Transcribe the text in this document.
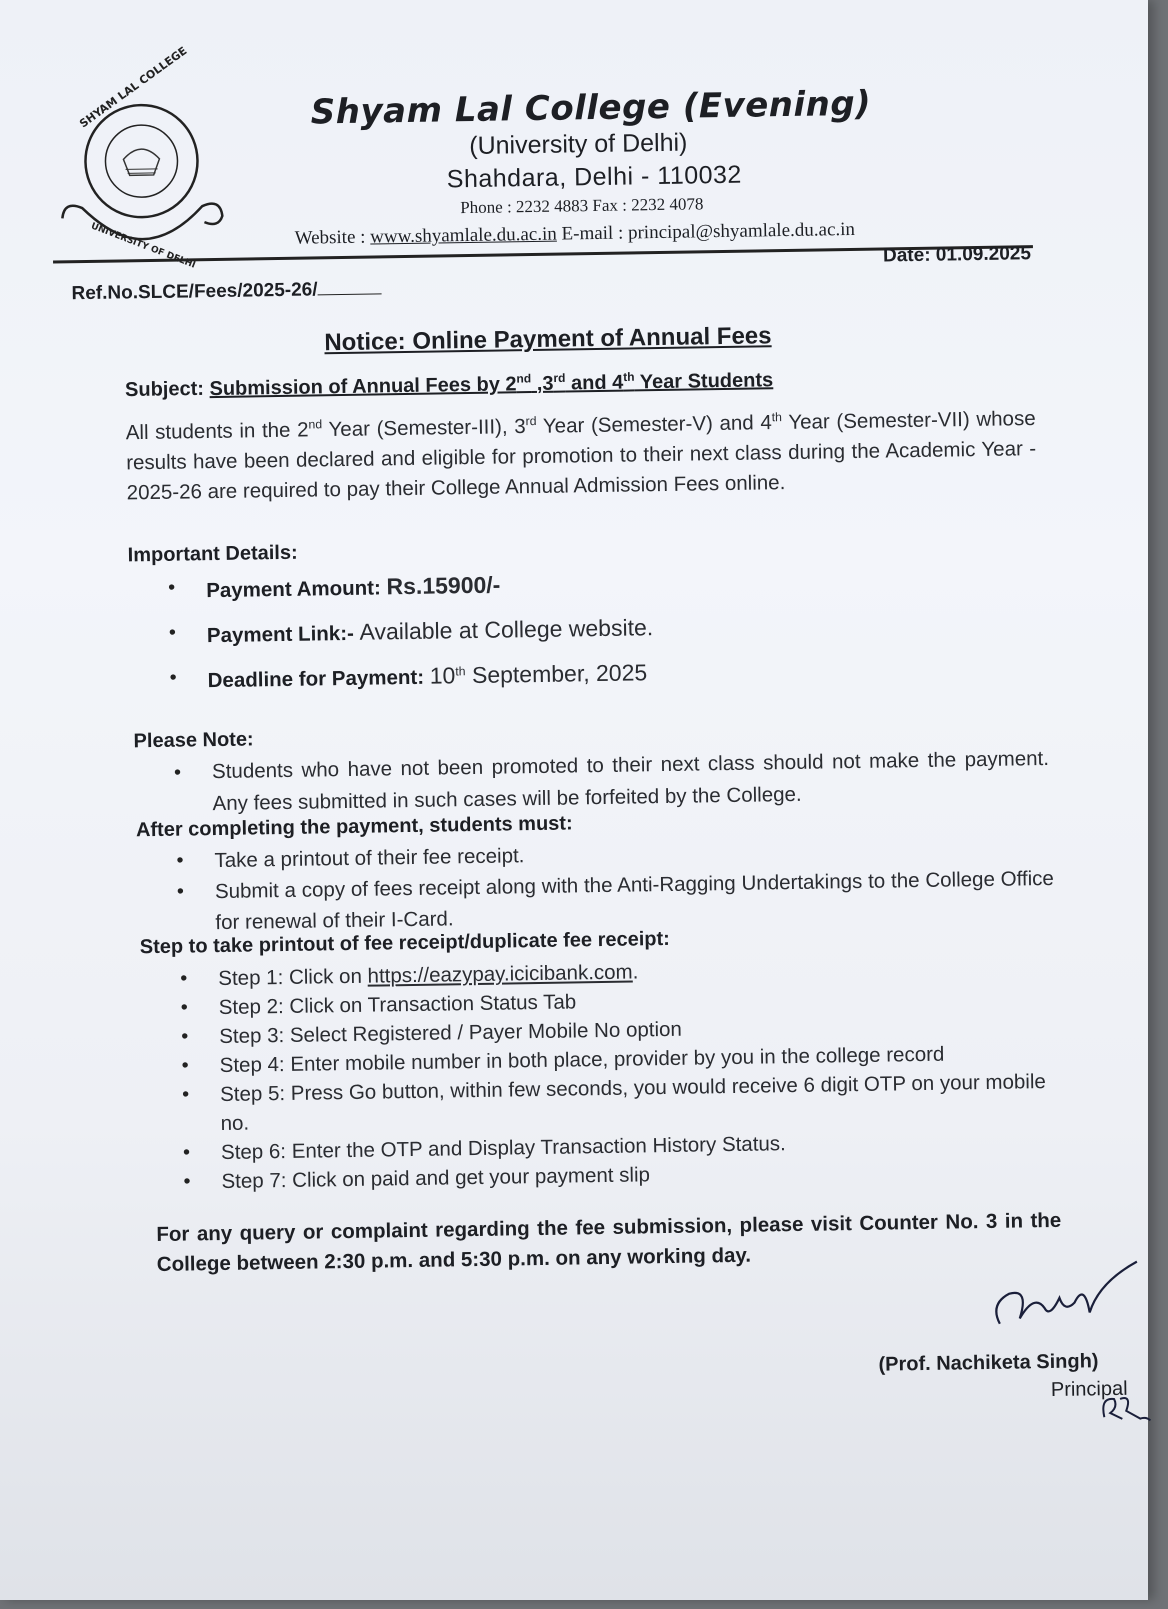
SHYAM LAL COLLEGE
UNIVERSITY OF DELHI
Shyam Lal College (Evening)
(University of Delhi)
Shahdara, Delhi - 110032
Phone : 2232 4883 Fax : 2232 4078
Website : www.shyamlale.du.ac.in E-mail : principal@shyamlale.du.ac.in
Date: 01.09.2025
Ref.No.SLCE/Fees/2025-26/
Notice: Online Payment of Annual Fees
Subject: Submission of Annual Fees by 2nd ,3rd and 4th Year Students
All students in the 2nd Year (Semester-III), 3rd Year (Semester-V) and 4th Year (Semester-VII) whose results have been declared and eligible for promotion to their next class during the Academic Year - 2025-26 are required to pay their College Annual Admission Fees online.
Important Details:
• Payment Amount: Rs.15900/-
• Payment Link:- Available at College website.
• Deadline for Payment: 10th September, 2025
Please Note:
• Students who have not been promoted to their next class should not make the payment. Any fees submitted in such cases will be forfeited by the College.
After completing the payment, students must:
• Take a printout of their fee receipt.
• Submit a copy of fees receipt along with the Anti-Ragging Undertakings to the College Office for renewal of their I-Card.
Step to take printout of fee receipt/duplicate fee receipt:
• Step 1: Click on https://eazypay.icicibank.com.
• Step 2: Click on Transaction Status Tab
• Step 3: Select Registered / Payer Mobile No option
• Step 4: Enter mobile number in both place, provider by you in the college record
• Step 5: Press Go button, within few seconds, you would receive 6 digit OTP on your mobile no.
• Step 6: Enter the OTP and Display Transaction History Status.
• Step 7: Click on paid and get your payment slip
For any query or complaint regarding the fee submission, please visit Counter No. 3 in the College between 2:30 p.m. and 5:30 p.m. on any working day.
(Prof. Nachiketa Singh)
Principal
